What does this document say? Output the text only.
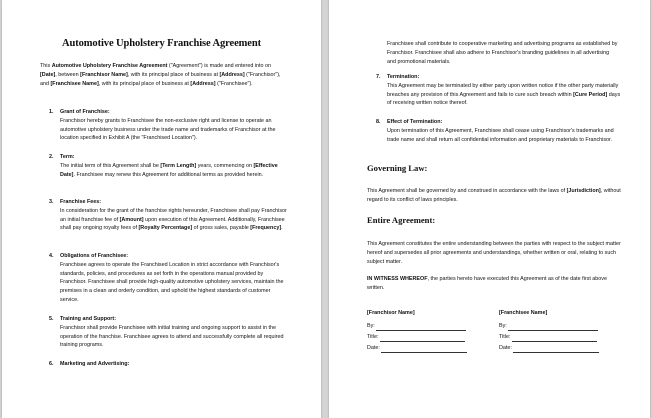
Automotive Upholstery Franchise Agreement

This Automotive Upholstery Franchise Agreement ("Agreement") is made and entered into on [Date], between [Franchisor Name], with its principal place of business at [Address] ("Franchisor"), and [Franchisee Name], with its principal place of business at [Address] ("Franchisee").

1. Grant of Franchise:

Franchisor hereby grants to Franchisee the non-exclusive right and license to operate an automotive upholstery business under the trade name and trademarks of Franchisor at the location specified in Exhibit A (the "Franchised Location").

2. Term:

The initial term of this Agreement shall be [Term Length] years, commencing on [Effective Date]. Franchisee may renew this Agreement for additional terms as provided herein.

3. Franchise Fees:

In consideration for the grant of the franchise rights hereunder, Franchisee shall pay Franchisor an initial franchise fee of [Amount] upon execution of this Agreement. Additionally, Franchisee shall pay ongoing royalty fees of [Royalty Percentage] of gross sales, payable [Frequency].

4. Obligations of Franchisee:

Franchisee agrees to operate the Franchised Location in strict accordance with Franchisor's standards, policies, and procedures as set forth in the operations manual provided by Franchisor. Franchisee shall provide high-quality automotive upholstery services, maintain the premises in a clean and orderly condition, and uphold the highest standards of customer service.

5. Training and Support:

Franchisor shall provide Franchisee with initial training and ongoing support to assist in the operation of the franchise. Franchisee agrees to attend and successfully complete all required training programs.

6. Marketing and Advertising:

Franchisee shall contribute to cooperative marketing and advertising programs as established by Franchisor. Franchisee shall also adhere to Franchisor's branding guidelines in all advertising and promotional materials.

7. Termination:

This Agreement may be terminated by either party upon written notice if the other party materially breaches any provision of this Agreement and fails to cure such breach within [Cure Period] days of receiving written notice thereof.

8. Effect of Termination:

Upon termination of this Agreement, Franchisee shall cease using Franchisor's trademarks and trade name and shall return all confidential information and proprietary materials to Franchisor.

Governing Law:

This Agreement shall be governed by and construed in accordance with the laws of [Jurisdiction], without regard to its conflict of laws principles.

Entire Agreement:

This Agreement constitutes the entire understanding between the parties with respect to the subject matter hereof and supersedes all prior agreements and understandings, whether written or oral, relating to such subject matter.

IN WITNESS WHEREOF, the parties hereto have executed this Agreement as of the date first above written.

[Franchisor Name]
By:
Title:
Date:
[Franchisee Name]
By:
Title:
Date:
